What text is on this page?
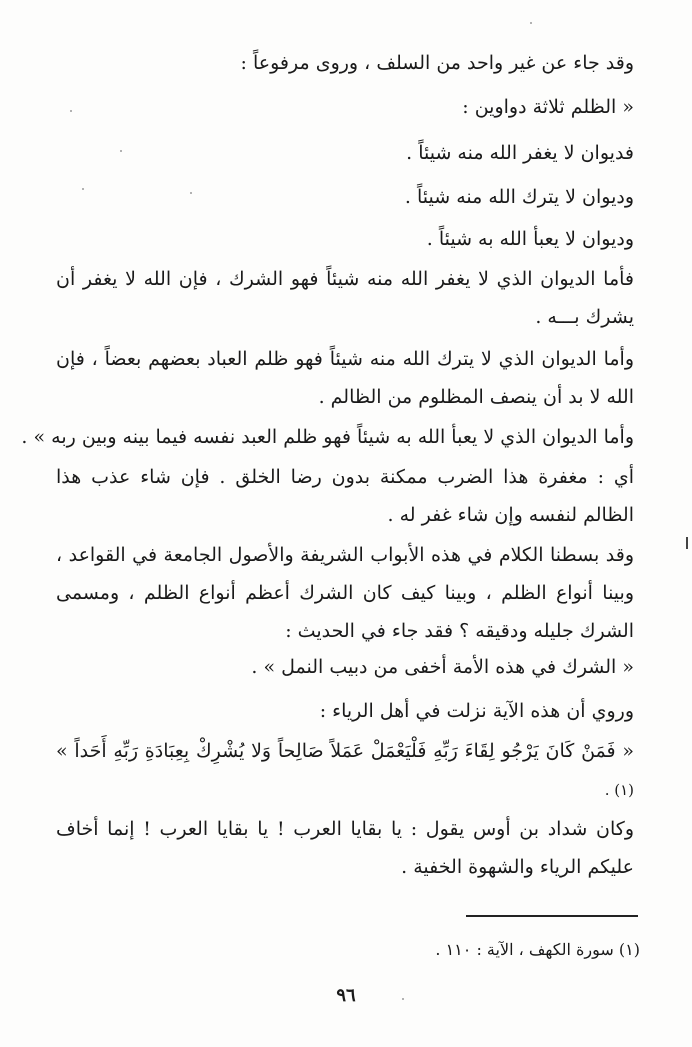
وقد جاء عن غير واحد من السلف ، وروى مرفوعاً :
« الظلم ثلاثة دواوين :
فديوان لا يغفر الله منه شيئاً .
وديوان لا يترك الله منه شيئاً .
وديوان لا يعبأ الله به شيئاً .
فأما الديوان الذي لا يغفر الله منه شيئاً فهو الشرك ، فإن الله لا يغفر أن يشرك بـــه .
وأما الديوان الذي لا يترك الله منه شيئاً فهو ظلم العباد بعضهم بعضاً ، فإن الله لا بد أن ينصف المظلوم من الظالم .
وأما الديوان الذي لا يعبأ الله به شيئاً فهو ظلم العبد نفسه فيما بينه وبين ربه » .
أي : مغفرة هذا الضرب ممكنة بدون رضا الخلق . فإن شاء عذب هذا الظالم لنفسه وإن شاء غفر له .
وقد بسطنا الكلام في هذه الأبواب الشريفة والأصول الجامعة في القواعد ، وبينا أنواع الظلم ، وبينا كيف كان الشرك أعظم أنواع الظلم ، ومسمى الشرك جليله ودقيقه ؟ فقد جاء في الحديث :
« الشرك في هذه الأمة أخفى من دبيب النمل » .
وروي أن هذه الآية نزلت في أهل الرياء :
« فَمَنْ كَانَ يَرْجُو لِقَاءَ رَبِّهِ فَلْيَعْمَلْ عَمَلاً صَالِحاً وَلا يُشْرِكْ بِعِبَادَةِ رَبِّهِ أَحَداً » (١) .
وكان شداد بن أوس يقول : يا بقايا العرب ! يا بقايا العرب ! إنما أخاف عليكم الرياء والشهوة الخفية .
(١) سورة الكهف ، الآية : ١١٠ .
٩٦
